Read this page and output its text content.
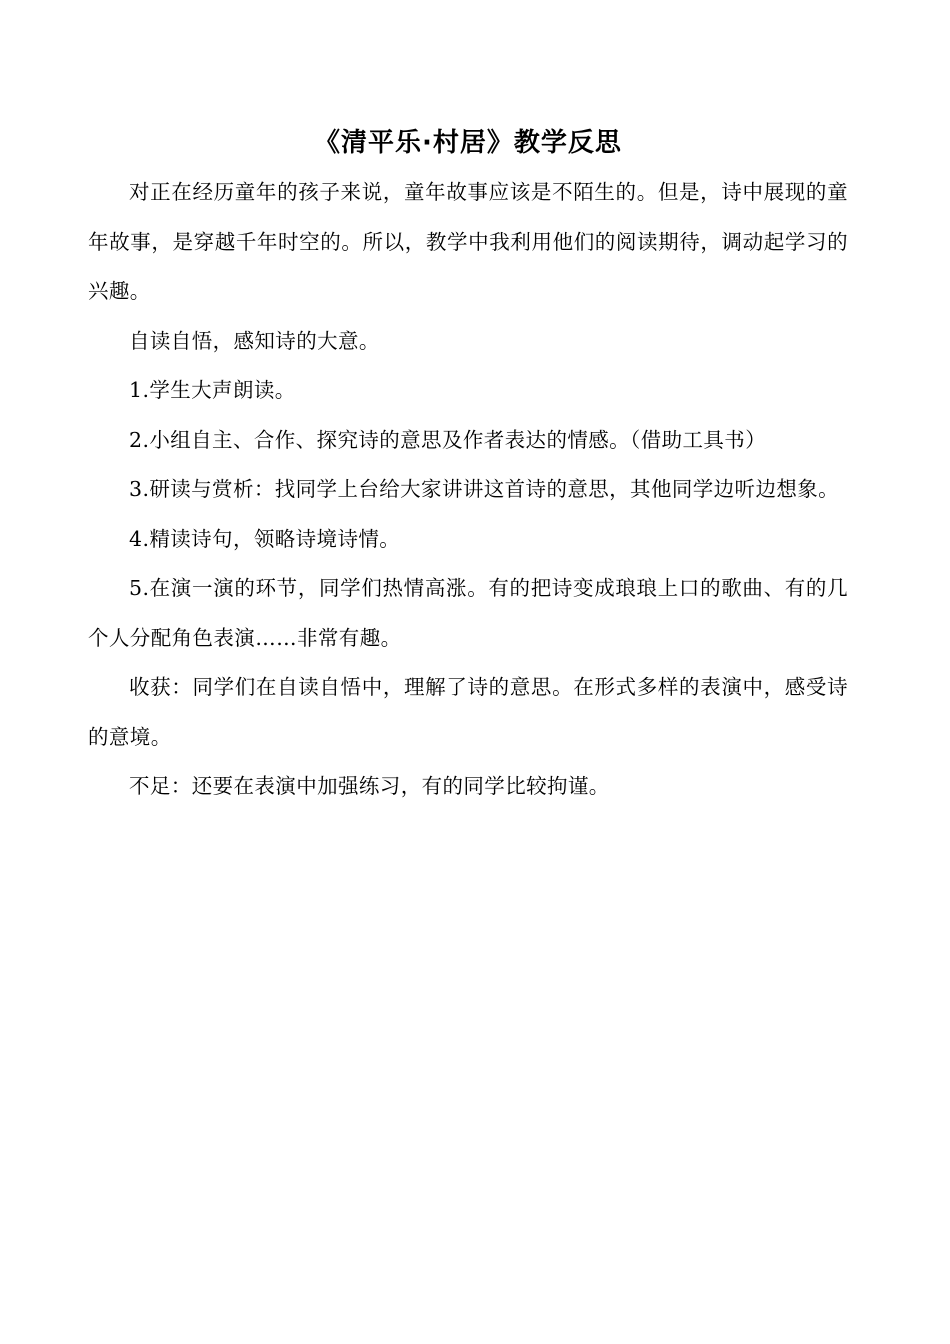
《清平乐·村居》教学反思

对正在经历童年的孩子来说，童年故事应该是不陌生的。但是，诗中展现的童年故事，是穿越千年时空的。所以，教学中我利用他们的阅读期待，调动起学习的兴趣。

自读自悟，感知诗的大意。

1.学生大声朗读。

2.小组自主、合作、探究诗的意思及作者表达的情感。（借助工具书）

3.研读与赏析：找同学上台给大家讲讲这首诗的意思，其他同学边听边想象。

4.精读诗句，领略诗境诗情。

5.在演一演的环节，同学们热情高涨。有的把诗变成琅琅上口的歌曲、有的几个人分配角色表演……非常有趣。

收获：同学们在自读自悟中，理解了诗的意思。在形式多样的表演中，感受诗的意境。

不足：还要在表演中加强练习，有的同学比较拘谨。
